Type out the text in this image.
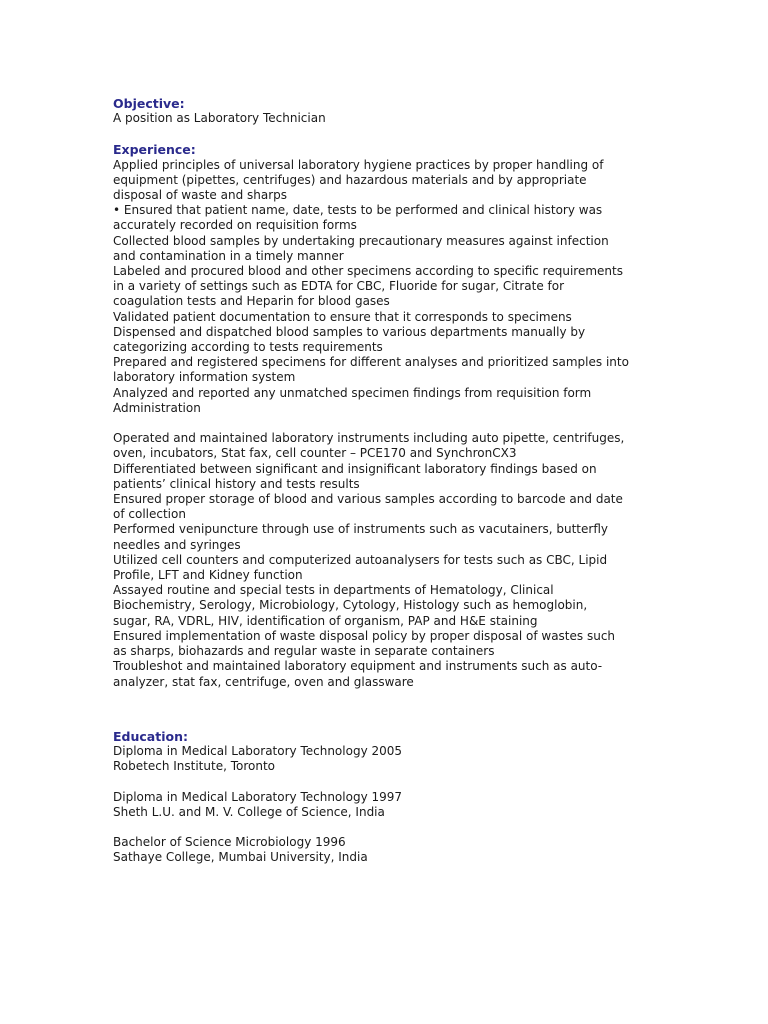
Objective:
A position as Laboratory Technician
Experience:
Applied principles of universal laboratory hygiene practices by proper handling of
equipment (pipettes, centrifuges) and hazardous materials and by appropriate
disposal of waste and sharps
• Ensured that patient name, date, tests to be performed and clinical history was
accurately recorded on requisition forms
Collected blood samples by undertaking precautionary measures against infection
and contamination in a timely manner
Labeled and procured blood and other specimens according to specific requirements
in a variety of settings such as EDTA for CBC, Fluoride for sugar, Citrate for
coagulation tests and Heparin for blood gases
Validated patient documentation to ensure that it corresponds to specimens
Dispensed and dispatched blood samples to various departments manually by
categorizing according to tests requirements
Prepared and registered specimens for different analyses and prioritized samples into
laboratory information system
Analyzed and reported any unmatched specimen findings from requisition form
Administration
Operated and maintained laboratory instruments including auto pipette, centrifuges,
oven, incubators, Stat fax, cell counter – PCE170 and SynchronCX3
Differentiated between significant and insignificant laboratory findings based on
patients’ clinical history and tests results
Ensured proper storage of blood and various samples according to barcode and date
of collection
Performed venipuncture through use of instruments such as vacutainers, butterfly
needles and syringes
Utilized cell counters and computerized autoanalysers for tests such as CBC, Lipid
Profile, LFT and Kidney function
Assayed routine and special tests in departments of Hematology, Clinical
Biochemistry, Serology, Microbiology, Cytology, Histology such as hemoglobin,
sugar, RA, VDRL, HIV, identification of organism, PAP and H&E staining
Ensured implementation of waste disposal policy by proper disposal of wastes such
as sharps, biohazards and regular waste in separate containers
Troubleshot and maintained laboratory equipment and instruments such as auto-
analyzer, stat fax, centrifuge, oven and glassware
Education:
Diploma in Medical Laboratory Technology 2005
Robetech Institute, Toronto
Diploma in Medical Laboratory Technology 1997
Sheth L.U. and M. V. College of Science, India
Bachelor of Science Microbiology 1996
Sathaye College, Mumbai University, India
